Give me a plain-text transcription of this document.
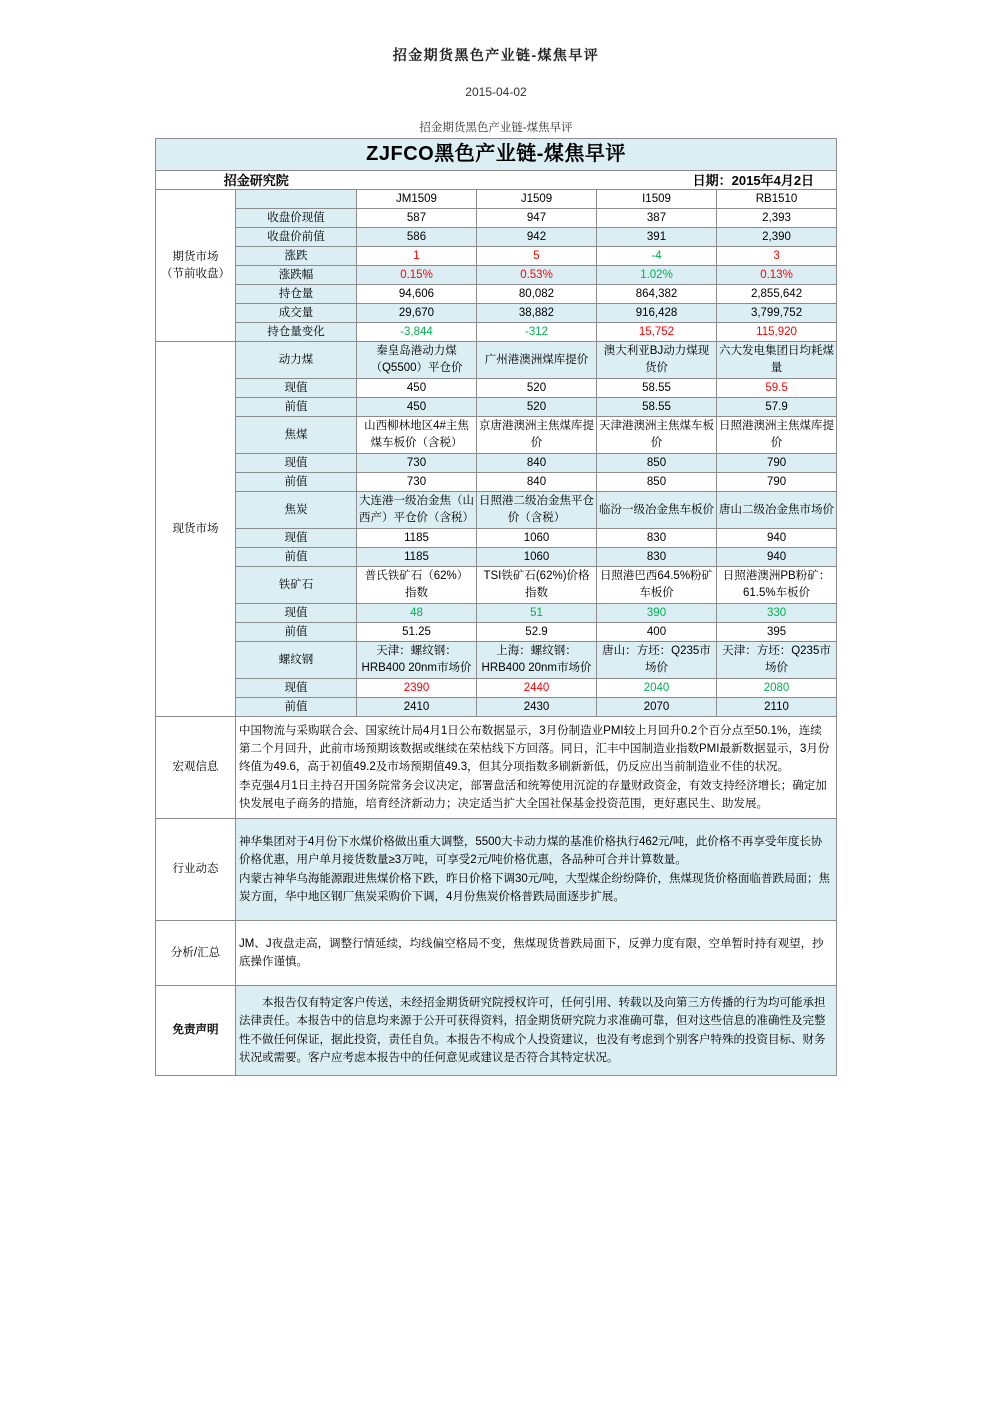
招金期货黑色产业链-煤焦早评
2015-04-02
招金期货黑色产业链-煤焦早评
ZJFCO黑色产业链-煤焦早评					
招金研究院		日期：2015年4月2日			

期货市场
（节前收盘）		JM1509	J1509	I1509	RB1510
	收盘价现值	587	947	387	2,393
	收盘价前值	586	942	391	2,390
	涨跌	1	5	-4	3
	涨跌幅	0.15%	0.53%	1.02%	0.13%
	持仓量	94,606	80,082	864,382	2,855,642
	成交量	29,670	38,882	916,428	3,799,752
	持仓量变化	-3,844	-312	15,752	115,920
现货市场	动力煤	秦皇岛港动力煤（Q5500）平仓价	广州港澳洲煤库提价	澳大利亚BJ动力煤现货价	六大发电集团日均耗煤量
	现值	450	520	58.55	59.5
	前值	450	520	58.55	57.9
	焦煤	山西柳林地区4#主焦煤车板价（含税）	京唐港澳洲主焦煤库提价	天津港澳洲主焦煤车板价	日照港澳洲主焦煤库提价
	现值	730	840	850	790
	前值	730	840	850	790
	焦炭	大连港一级冶金焦（山西产）平仓价（含税）	日照港二级冶金焦平仓价（含税）	临汾一级冶金焦车板价	唐山二级冶金焦市场价
	现值	1185	1060	830	940
	前值	1185	1060	830	940
	铁矿石	普氏铁矿石（62%）指数	TSI铁矿石(62%)价格指数	日照港巴西64.5%粉矿车板价	日照港澳洲PB粉矿：61.5%车板价
	现值	48	51	390	330
	前值	51.25	52.9	400	395
	螺纹钢	天津：螺纹钢：HRB400 20nm市场价	上海：螺纹钢：HRB400 20nm市场价	唐山：方坯：Q235市场价	天津：方坯：Q235市场价
	现值	2390	2440	2040	2080
	前值	2410	2430	2070	2110
宏观信息	中国物流与采购联合会、国家统计局4月1日公布数据显示，3月份制造业PMI较上月回升0.2个百分点至50.1%，连续第二个月回升，此前市场预期该数据或继续在荣枯线下方回落。同日，汇丰中国制造业指数PMI最新数据显示，3月份终值为49.6，高于初值49.2及市场预期值49.3，但其分项指数多刷新新低，仍反应出当前制造业不佳的状况。

李克强4月1日主持召开国务院常务会议决定，部署盘活和统筹使用沉淀的存量财政资金，有效支持经济增长；确定加快发展电子商务的措施，培育经济新动力；决定适当扩大全国社保基金投资范围，更好惠民生、助发展。				

行业动态	神华集团对于4月份下水煤价格做出重大调整，5500大卡动力煤的基准价格执行462元/吨，此价格不再享受年度长协价格优惠，用户单月接货数量≥3万吨，可享受2元/吨价格优惠，各品种可合并计算数量。

内蒙古神华乌海能源跟进焦煤价格下跌，昨日价格下调30元/吨，大型煤企纷纷降价，焦煤现货价格面临普跌局面；焦炭方面，华中地区钢厂焦炭采购价下调，4月份焦炭价格普跌局面逐步扩展。				

分析/汇总	JM、J夜盘走高，调整行情延续，均线偏空格局不变，焦煤现货普跌局面下，反弹力度有限，空单暂时持有观望，抄底操作谨慎。				

免责声明	本报告仅有特定客户传送，未经招金期货研究院授权许可，任何引用、转载以及向第三方传播的行为均可能承担法律责任。本报告中的信息均来源于公开可获得资料，招金期货研究院力求准确可靠，但对这些信息的准确性及完整性不做任何保证，据此投资，责任自负。本报告不构成个人投资建议，也没有考虑到个别客户特殊的投资目标、财务状况或需要。客户应考虑本报告中的任何意见或建议是否符合其特定状况。				
